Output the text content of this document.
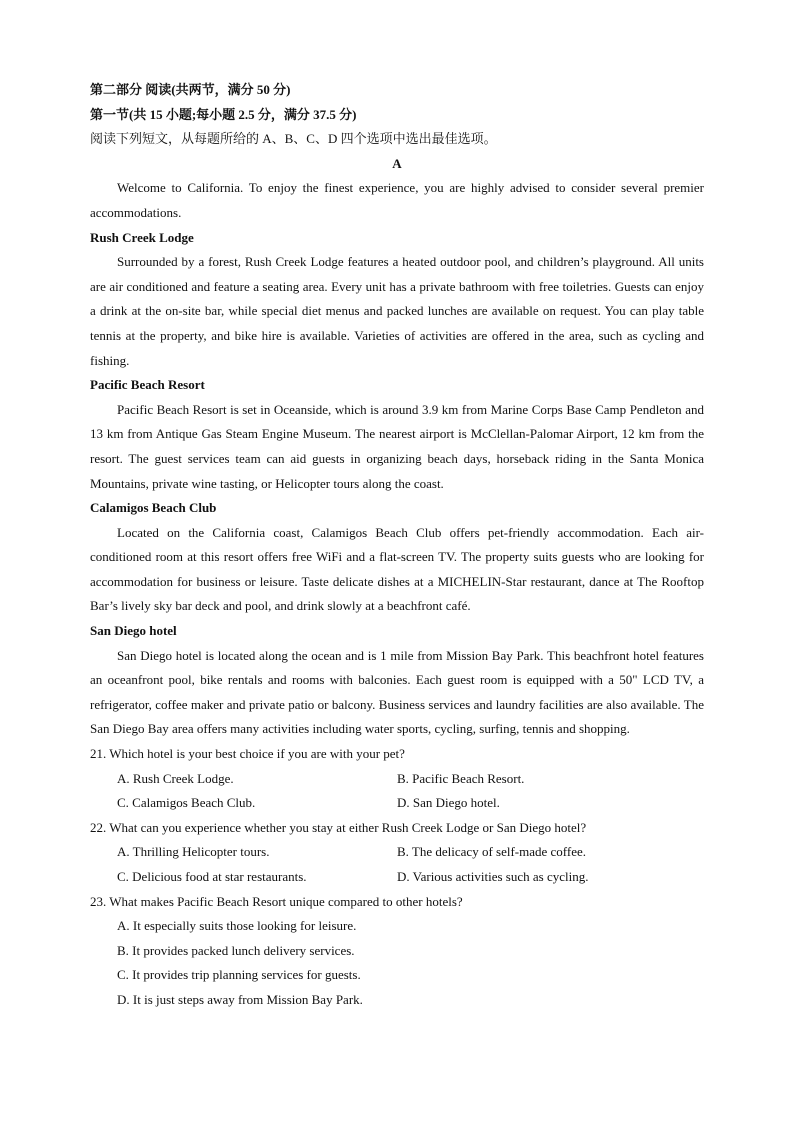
第二部分 阅读(共两节，满分 50 分)
第一节(共 15 小题;每小题 2.5 分，满分 37.5 分)
阅读下列短文，从每题所给的 A、B、C、D 四个选项中选出最佳选项。
A
Welcome to California. To enjoy the finest experience, you are highly advised to consider several premier accommodations.
Rush Creek Lodge
Surrounded by a forest, Rush Creek Lodge features a heated outdoor pool, and children’s playground. All units are air conditioned and feature a seating area. Every unit has a private bathroom with free toiletries. Guests can enjoy a drink at the on-site bar, while special diet menus and packed lunches are available on request. You can play table tennis at the property, and bike hire is available. Varieties of activities are offered in the area, such as cycling and fishing.
Pacific Beach Resort
Pacific Beach Resort is set in Oceanside, which is around 3.9 km from Marine Corps Base Camp Pendleton and 13 km from Antique Gas Steam Engine Museum. The nearest airport is McClellan-Palomar Airport, 12 km from the resort. The guest services team can aid guests in organizing beach days, horseback riding in the Santa Monica Mountains, private wine tasting, or Helicopter tours along the coast.
Calamigos Beach Club
Located on the California coast, Calamigos Beach Club offers pet-friendly accommodation. Each air-conditioned room at this resort offers free WiFi and a flat-screen TV. The property suits guests who are looking for accommodation for business or leisure. Taste delicate dishes at a MICHELIN-Star restaurant, dance at The Rooftop Bar’s lively sky bar deck and pool, and drink slowly at a beachfront café.
San Diego hotel
San Diego hotel is located along the ocean and is 1 mile from Mission Bay Park. This beachfront hotel features an oceanfront pool, bike rentals and rooms with balconies. Each guest room is equipped with a 50" LCD TV, a refrigerator, coffee maker and private patio or balcony. Business services and laundry facilities are also available. The San Diego Bay area offers many activities including water sports, cycling, surfing, tennis and shopping.
21. Which hotel is your best choice if you are with your pet?
A. Rush Creek Lodge.	B. Pacific Beach Resort.
C. Calamigos Beach Club.	D. San Diego hotel.
22. What can you experience whether you stay at either Rush Creek Lodge or San Diego hotel?
A. Thrilling Helicopter tours.	B. The delicacy of self-made coffee.
C. Delicious food at star restaurants.	D. Various activities such as cycling.
23. What makes Pacific Beach Resort unique compared to other hotels?
A. It especially suits those looking for leisure.
B. It provides packed lunch delivery services.
C. It provides trip planning services for guests.
D. It is just steps away from Mission Bay Park.
